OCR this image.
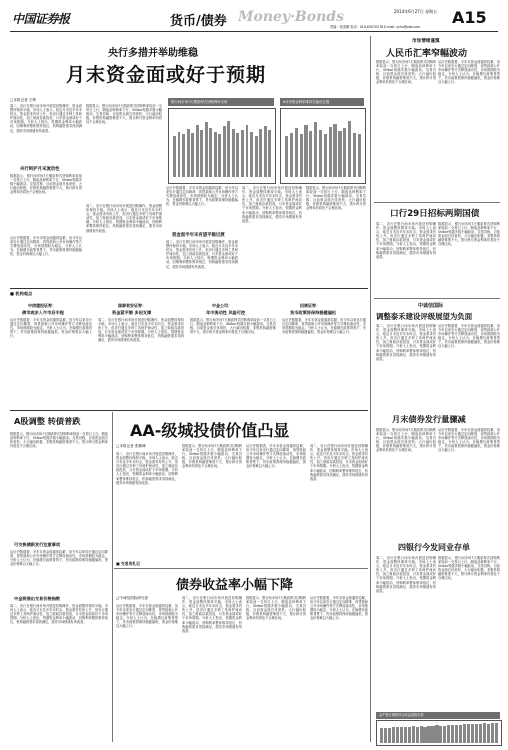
中国证券报	货币/债券 Money·Bonds	2014年6月27日 星期五 A15
责编：张清珊 电话：010-63070278 E-mail: zyhu@zzb.com
央行多措并举助维稳
月末资金面或好于预期
□本报记者 王辉	银行间市场7天期质押式回购利率走势	6月份资金利率维持在偏低位置
周二，央行在银行间市场开展逆回购操作，资金面整体保持平稳。市场人士表示，临近月末及半年末时点，资金需求有所上升，但央行通过多种工具呵护流动性，加之财政存款投放，月末资金面或好于市场预期。分析人士指出，短期资金利率小幅波动，回购利率整体维持低位，机构融资需求得到满足，债券市场情绪有所改善。
央行呵护月末流动性
数据显示，银行间市场7天期质押式回购利率较前一交易日上行，隔夜品种利率下行，Shibor短端多数小幅波动。交易员称，目前资金面总体宽松，大行融出积极，非银机构融资难度不大，预计跨月资金利率仍将处于合理区间。
从历史数据看，半年末资金面通常趋紧，但今年以来央行通过定向降准、再贷款和公开市场操作等方式释放流动性，市场预期较为稳定。分析人士认为，在稳增长政策背景下，货币政策将保持稳健偏松，资金价格难以大幅上行。
数据显示，银行间市场7天期质押式回购利率较前一交易日上行，隔夜品种利率下行，Shibor短端多数小幅波动。交易员称，目前资金面总体宽松，大行融出积极，非银机构融资难度不大，预计跨月资金利率仍将处于合理区间。
周二，央行在银行间市场开展逆回购操作，资金面整体保持平稳。市场人士表示，临近月末及半年末时点，资金需求有所上升，但央行通过多种工具呵护流动性，加之财政存款投放，月末资金面或好于市场预期。分析人士指出，短期资金利率小幅波动，回购利率整体维持低位，机构融资需求得到满足，债券市场情绪有所改善。
从历史数据看，半年末资金面通常趋紧，但今年以来央行通过定向降准、再贷款和公开市场操作等方式释放流动性，市场预期较为稳定。分析人士认为，在稳增长政策背景下，货币政策将保持稳健偏松，资金价格难以大幅上行。
资金面半年末有望平稳过渡
周二，央行在银行间市场开展逆回购操作，资金面整体保持平稳。市场人士表示，临近月末及半年末时点，资金需求有所上升，但央行通过多种工具呵护流动性，加之财政存款投放，月末资金面或好于市场预期。分析人士指出，短期资金利率小幅波动，回购利率整体维持低位，机构融资需求得到满足，债券市场情绪有所改善。
周二，央行在银行间市场开展逆回购操作，资金面整体保持平稳。市场人士表示，临近月末及半年末时点，资金需求有所上升，但央行通过多种工具呵护流动性，加之财政存款投放，月末资金面或好于市场预期。分析人士指出，短期资金利率小幅波动，回购利率整体维持低位，机构融资需求得到满足，债券市场情绪有所改善。
数据显示，银行间市场7天期质押式回购利率较前一交易日上行，隔夜品种利率下行，Shibor短端多数小幅波动。交易员称，目前资金面总体宽松，大行融出积极，非银机构融资难度不大，预计跨月资金利率仍将处于合理区间。
市场情绪谨慎
人民币汇率窄幅波动
数据显示，银行间市场7天期质押式回购利率较前一交易日上行，隔夜品种利率下行，Shibor短端多数小幅波动。交易员称，目前资金面总体宽松，大行融出积极，非银机构融资难度不大，预计跨月资金利率仍将处于合理区间。
从历史数据看，半年末资金面通常趋紧，但今年以来央行通过定向降准、再贷款和公开市场操作等方式释放流动性，市场预期较为稳定。分析人士认为，在稳增长政策背景下，货币政策将保持稳健偏松，资金价格难以大幅上行。
口行29日招标两期国债
周二，央行在银行间市场开展逆回购操作，资金面整体保持平稳。市场人士表示，临近月末及半年末时点，资金需求有所上升，但央行通过多种工具呵护流动性，加之财政存款投放，月末资金面或好于市场预期。分析人士指出，短期资金利率小幅波动，回购利率整体维持低位，机构融资需求得到满足，债券市场情绪有所改善。
数据显示，银行间市场7天期质押式回购利率较前一交易日上行，隔夜品种利率下行，Shibor短端多数小幅波动。交易员称，目前资金面总体宽松，大行融出积极，非银机构融资难度不大，预计跨月资金利率仍将处于合理区间。
■ 机构观点
中信建投证券：
债市或步入牛市后半程
从历史数据看，半年末资金面通常趋紧，但今年以来央行通过定向降准、再贷款和公开市场操作等方式释放流动性，市场预期较为稳定。分析人士认为，在稳增长政策背景下，货币政策将保持稳健偏松，资金价格难以大幅上行。
国泰君安证券：
资金紧平衡 多因支撑
周二，央行在银行间市场开展逆回购操作，资金面整体保持平稳。市场人士表示，临近月末及半年末时点，资金需求有所上升，但央行通过多种工具呵护流动性，加之财政存款投放，月末资金面或好于市场预期。分析人士指出，短期资金利率小幅波动，回购利率整体维持低位，机构融资需求得到满足，债券市场情绪有所改善。
中金公司：
年中流动性 风险可控
数据显示，银行间市场7天期质押式回购利率较前一交易日上行，隔夜品种利率下行，Shibor短端多数小幅波动。交易员称，目前资金面总体宽松，大行融出积极，非银机构融资难度不大，预计跨月资金利率仍将处于合理区间。
招商证券：
货币政策将保持稳健偏松
从历史数据看，半年末资金面通常趋紧，但今年以来央行通过定向降准、再贷款和公开市场操作等方式释放流动性，市场预期较为稳定。分析人士认为，在稳增长政策背景下，货币政策将保持稳健偏松，资金价格难以大幅上行。
中诚信国际
调整泰禾建设评级展望为负面
周二，央行在银行间市场开展逆回购操作，资金面整体保持平稳。市场人士表示，临近月末及半年末时点，资金需求有所上升，但央行通过多种工具呵护流动性，加之财政存款投放，月末资金面或好于市场预期。分析人士指出，短期资金利率小幅波动，回购利率整体维持低位，机构融资需求得到满足，债券市场情绪有所改善。
从历史数据看，半年末资金面通常趋紧，但今年以来央行通过定向降准、再贷款和公开市场操作等方式释放流动性，市场预期较为稳定。分析人士认为，在稳增长政策背景下，货币政策将保持稳健偏松，资金价格难以大幅上行。
A股调整 转债普跌
数据显示，银行间市场7天期质押式回购利率较前一交易日上行，隔夜品种利率下行，Shibor短端多数小幅波动。交易员称，目前资金面总体宽松，大行融出积极，非银机构融资难度不大，预计跨月资金利率仍将处于合理区间。
可交换债新发行注意事项
从历史数据看，半年末资金面通常趋紧，但今年以来央行通过定向降准、再贷款和公开市场操作等方式释放流动性，市场预期较为稳定。分析人士认为，在稳增长政策背景下，货币政策将保持稳健偏松，资金价格难以大幅上行。
中金将推出交易价格指数
周二，央行在银行间市场开展逆回购操作，资金面整体保持平稳。市场人士表示，临近月末及半年末时点，资金需求有所上升，但央行通过多种工具呵护流动性，加之财政存款投放，月末资金面或好于市场预期。分析人士指出，短期资金利率小幅波动，回购利率整体维持低位，机构融资需求得到满足，债券市场情绪有所改善。
AA-级城投债价值凸显
□本报记者 张勤峰
周二，央行在银行间市场开展逆回购操作，资金面整体保持平稳。市场人士表示，临近月末及半年末时点，资金需求有所上升，但央行通过多种工具呵护流动性，加之财政存款投放，月末资金面或好于市场预期。分析人士指出，短期资金利率小幅波动，回购利率整体维持低位，机构融资需求得到满足，债券市场情绪有所改善。
数据显示，银行间市场7天期质押式回购利率较前一交易日上行，隔夜品种利率下行，Shibor短端多数小幅波动。交易员称，目前资金面总体宽松，大行融出积极，非银机构融资难度不大，预计跨月资金利率仍将处于合理区间。
从历史数据看，半年末资金面通常趋紧，但今年以来央行通过定向降准、再贷款和公开市场操作等方式释放流动性，市场预期较为稳定。分析人士认为，在稳增长政策背景下，货币政策将保持稳健偏松，资金价格难以大幅上行。
周二，央行在银行间市场开展逆回购操作，资金面整体保持平稳。市场人士表示，临近月末及半年末时点，资金需求有所上升，但央行通过多种工具呵护流动性，加之财政存款投放，月末资金面或好于市场预期。分析人士指出，短期资金利率小幅波动，回购利率整体维持低位，机构融资需求得到满足，债券市场情绪有所改善。
■ 交易员札记
月末债券发行量骤减
数据显示，银行间市场7天期质押式回购利率较前一交易日上行，隔夜品种利率下行，Shibor短端多数小幅波动。交易员称，目前资金面总体宽松，大行融出积极，非银机构融资难度不大，预计跨月资金利率仍将处于合理区间。
从历史数据看，半年末资金面通常趋紧，但今年以来央行通过定向降准、再贷款和公开市场操作等方式释放流动性，市场预期较为稳定。分析人士认为，在稳增长政策背景下，货币政策将保持稳健偏松，资金价格难以大幅上行。
四银行今发同业存单
周二，央行在银行间市场开展逆回购操作，资金面整体保持平稳。市场人士表示，临近月末及半年末时点，资金需求有所上升，但央行通过多种工具呵护流动性，加之财政存款投放，月末资金面或好于市场预期。分析人士指出，短期资金利率小幅波动，回购利率整体维持低位，机构融资需求得到满足，债券市场情绪有所改善。
数据显示，银行间市场7天期质押式回购利率较前一交易日上行，隔夜品种利率下行，Shibor短端多数小幅波动。交易员称，目前资金面总体宽松，大行融出积极，非银机构融资难度不大，预计跨月资金利率仍将处于合理区间。
金牛银行理财综合收益指数走势
债券收益率小幅下降
□中诚信国际研究部
从历史数据看，半年末资金面通常趋紧，但今年以来央行通过定向降准、再贷款和公开市场操作等方式释放流动性，市场预期较为稳定。分析人士认为，在稳增长政策背景下，货币政策将保持稳健偏松，资金价格难以大幅上行。
周二，央行在银行间市场开展逆回购操作，资金面整体保持平稳。市场人士表示，临近月末及半年末时点，资金需求有所上升，但央行通过多种工具呵护流动性，加之财政存款投放，月末资金面或好于市场预期。分析人士指出，短期资金利率小幅波动，回购利率整体维持低位，机构融资需求得到满足，债券市场情绪有所改善。
数据显示，银行间市场7天期质押式回购利率较前一交易日上行，隔夜品种利率下行，Shibor短端多数小幅波动。交易员称，目前资金面总体宽松，大行融出积极，非银机构融资难度不大，预计跨月资金利率仍将处于合理区间。
从历史数据看，半年末资金面通常趋紧，但今年以来央行通过定向降准、再贷款和公开市场操作等方式释放流动性，市场预期较为稳定。分析人士认为，在稳增长政策背景下，货币政策将保持稳健偏松，资金价格难以大幅上行。
